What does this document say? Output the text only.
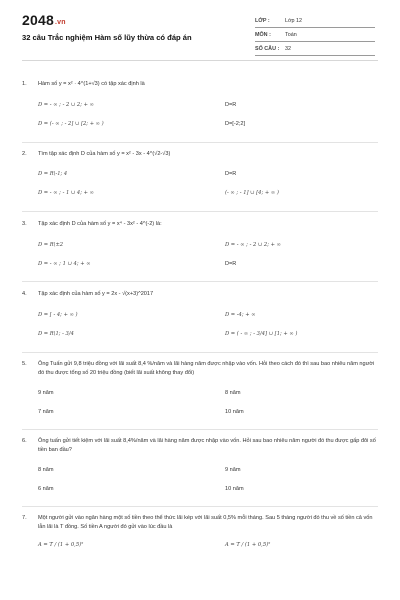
2048.vn
32 câu Trắc nghiệm Hàm số lũy thừa có đáp án
LỚP :	Lớp 12
MÔN :	Toán
SỐ CÂU :	32
1.	Hàm số y = x² · 4^(1+√3) có tập xác định là
D = - ∞ ; - 2 ∪ 2; + ∞	D=R
D = (- ∞ ; - 2] ∪ [2; + ∞ )	D=[-2;2]
2.	Tìm tập xác định D của hàm số y = x² - 3x - 4^(√2-√3)
D = R\-1; 4	D=R
D = - ∞ ; - 1 ∪ 4; + ∞	(- ∞ ; - 1] ∪ [4; + ∞ )
3.	Tập xác định D của hàm số y = x⁴ - 3x² - 4^(-2) là:
D = R\±2	D = - ∞ ; - 2 ∪ 2; + ∞
D = - ∞ ; 1 ∪ 4; + ∞	D=R
4.	Tập xác định của hàm số y = 2x - √(x+3)^2017
D = [ - 4; + ∞ )	D = -4; + ∞
D = R\1; - 3/4	D = ( - ∞ ; - 3/4] ∪ [1; + ∞ )
5.	Ông Tuấn gửi 9,8 triệu đồng với lãi suất 8,4 %/năm và lãi hàng năm được nhập vào vốn. Hỏi theo cách đó thì sau bao nhiêu năm người đó thu được tổng số 20 triệu đồng (biết lãi suất không thay đổi)
9 năm	8 năm
7 năm	10 năm
6.	Ông tuấn gửi tiết kiệm với lãi suất 8,4%/năm và lãi hàng năm được nhập vào vốn. Hỏi sau bao nhiêu năm người đó thu được gấp đôi số tiền ban đầu?
8 năm	9 năm
6 năm	10 năm
7.	Một người gửi vào ngân hàng một số tiền theo thể thức lãi kép với lãi suất 0,5% mỗi tháng. Sau 5 tháng người đó thu về số tiền cả vốn lẫn lãi là T đồng. Số tiền A người đó gửi vào lúc đầu là
A = T / (1 + 0,5)⁵	A = T / (1 + 0,5)⁵
